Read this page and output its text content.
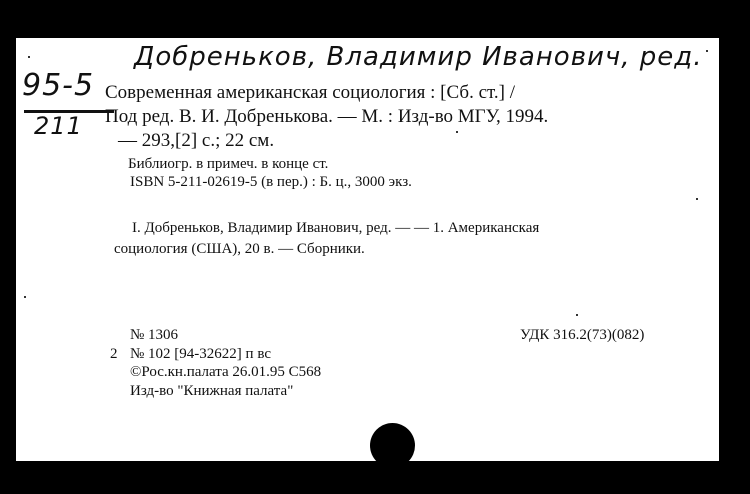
Добреньков, Владимир Иванович, ред.
95-5
211
Современная американская социология : [Сб. ст.] /
Под ред. В. И. Добренькова. — М. : Изд-во МГУ, 1994.
— 293,[2] с.; 22 см.
Библиогр. в примеч. в конце ст.
ISBN 5-211-02619-5 (в пер.) : Б. ц., 3000 экз.
I. Добреньков, Владимир Иванович, ред. — — 1. Американская
социология (США), 20 в. — Сборники.
№ 1306	УДК 316.2(73)(082)
2 № 102 [94-32622] п вс
©Рос.кн.палата 26.01.95 С568
Изд-во "Книжная палата"
